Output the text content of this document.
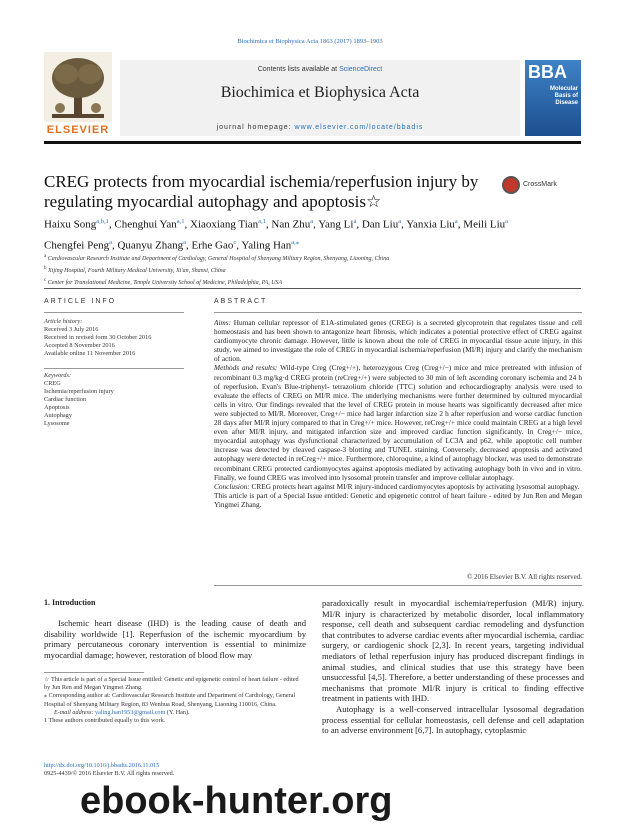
Biochimica et Biophysica Acta 1863 (2017) 1893–1903
ELSEVIER
Contents lists available at ScienceDirect
Biochimica et Biophysica Acta
journal homepage: www.elsevier.com/locate/bbadis
BBA
Molecular
Basis of
Disease
CREG protects from myocardial ischemia/reperfusion injury by regulating myocardial autophagy and apoptosis☆
CrossMark
Haixu Song$^{a,b,1}$, Chenghui Yan$^{a,1}$, Xiaoxiang Tian$^{a,1}$, Nan Zhu$^a$, Yang Li$^a$, Dan Liu$^a$, Yanxia Liu$^a$, Meili Liu$^a$
Chengfei Peng$^a$, Quanyu Zhang$^a$, Erhe Gao$^c$, Yaling Han$^{a,⁎}$
$^a$ Cardiovascular Research Institute and Department of Cardiology, General Hospital of Shenyang Military Region, Shenyang, Liaoning, China
$^b$ Xijing Hospital, Fourth Military Medical University, Xi'an, Shanxi, China
$^c$ Center for Translational Medicine, Temple University School of Medicine, Philadelphia, PA, USA
ARTICLE INFO
Article history:
Received 3 July 2016
Received in revised form 30 October 2016
Accepted 8 November 2016
Available online 11 November 2016
Keywords:
CREG
Ischemia/reperfusion injury
Cardiac function
Apoptosis
Autophagy
Lysosome
ABSTRACT

Aims: Human cellular repressor of E1A-stimulated genes (CREG) is a secreted glycoprotein that regulates tissue and cell homeostasis and has been shown to antagonize heart fibrosis, which indicates a potential protective effect of CREG against cardiomyocyte chronic damage. However, little is known about the role of CREG in myocardial tissue acute injury, in this study, we aimed to investigate the role of CREG in myocardial ischemia/reperfusion (MI/R) injury and clarify the mechanism of action.

Methods and results: Wild-type Creg (Creg+/+), heterozygous Creg (Creg+/−) mice and mice pretreated with infusion of recombinant 0.3 mg/kg·d CREG protein (reCreg+/+) were subjected to 30 min of left ascending coronary ischemia and 24 h of reperfusion. Evan's Blue-triphenyl- tetrazolium chloride (TTC) solution and echocardiography analysis were used to evaluate the effects of CREG on MI/R mice. The underlying mechanisms were further determined by cultured myocardial cells in vitro. Our findings revealed that the level of CREG protein in mouse hearts was significantly decreased after mice were subjected to MI/R. Moreover, Creg+/− mice had larger infarction size 2 h after reperfusion and worse cardiac function 28 days after MI/R injury compared to that in Creg+/+ mice. However, reCreg+/+ mice could maintain CREG at a high level even after MI/R injury, and mitigated infarction size and improved cardiac function significantly. In Creg+/− mice, myocardial autophagy was dysfunctional characterized by accumulation of LC3A and p62, while apoptotic cell number increase was detected by cleaved caspase-3 blotting and TUNEL staining. Conversely, decreased apoptosis and activated autophagy were detected in reCreg+/+ mice. Furthermore, chloroquine, a kind of autophagy blocker, was used to demonstrate recombinant CREG protected cardiomyocytes against apoptosis mediated by activating autophagy both in vivo and in vitro. Finally, we found CREG was involved into lysosomal protein transfer and improve cellular autophagy.

Conclusion: CREG protects heart against MI/R injury-induced cardiomyocytes apoptosis by activating lysosomal autophagy.

This article is part of a Special Issue entitled: Genetic and epigenetic control of heart failure - edited by Jun Ren and Megan Yingmei Zhang.

© 2016 Elsevier B.V. All rights reserved.
1. Introduction

Ischemic heart disease (IHD) is the leading cause of death and disability worldwide [1]. Reperfusion of the ischemic myocardium by primary percutaneous coronary intervention is essential to minimize myocardial damage; however, restoration of blood flow may

paradoxically result in myocardial ischemia/reperfusion (MI/R) injury. MI/R injury is characterized by metabolic disorder, local inflammatory response, cell death and subsequent cardiac remodeling and dysfunction that contributes to adverse cardiac events after myocardial ischemia, cardiac surgery, or cardiogenic shock [2,3]. In recent years, targeting individual mediators of lethal reperfusion injury has produced discrepant findings in animal studies, and clinical studies that use this strategy have been unsuccessful [4,5]. Therefore, a better understanding of these processes and mechanisms that promote MI/R injury is critical to finding effective treatment in patients with IHD.

Autophagy is a well-conserved intracellular lysosomal degradation process essential for cellular homeostasis, cell defense and cell adaptation to an adverse environment [6,7]. In autophagy, cytoplasmic

☆ This article is part of a Special Issue entitled: Genetic and epigenetic control of heart failure - edited by Jun Ren and Megan Yingmei Zhang.

⁎ Corresponding author at: Cardiovascular Research Institute and Department of Cardiology, General Hospital of Shenyang Military Region, 83 Wenhua Road, Shenyang, Liaoning 110016, China.

E-mail address: yaling.han1953@gmail.com (Y. Han).

1 These authors contributed equally to this work.

http://dx.doi.org/10.1016/j.bbadis.2016.11.015
0925-4439/© 2016 Elsevier B.V. All rights reserved.
ebook-hunter.org
